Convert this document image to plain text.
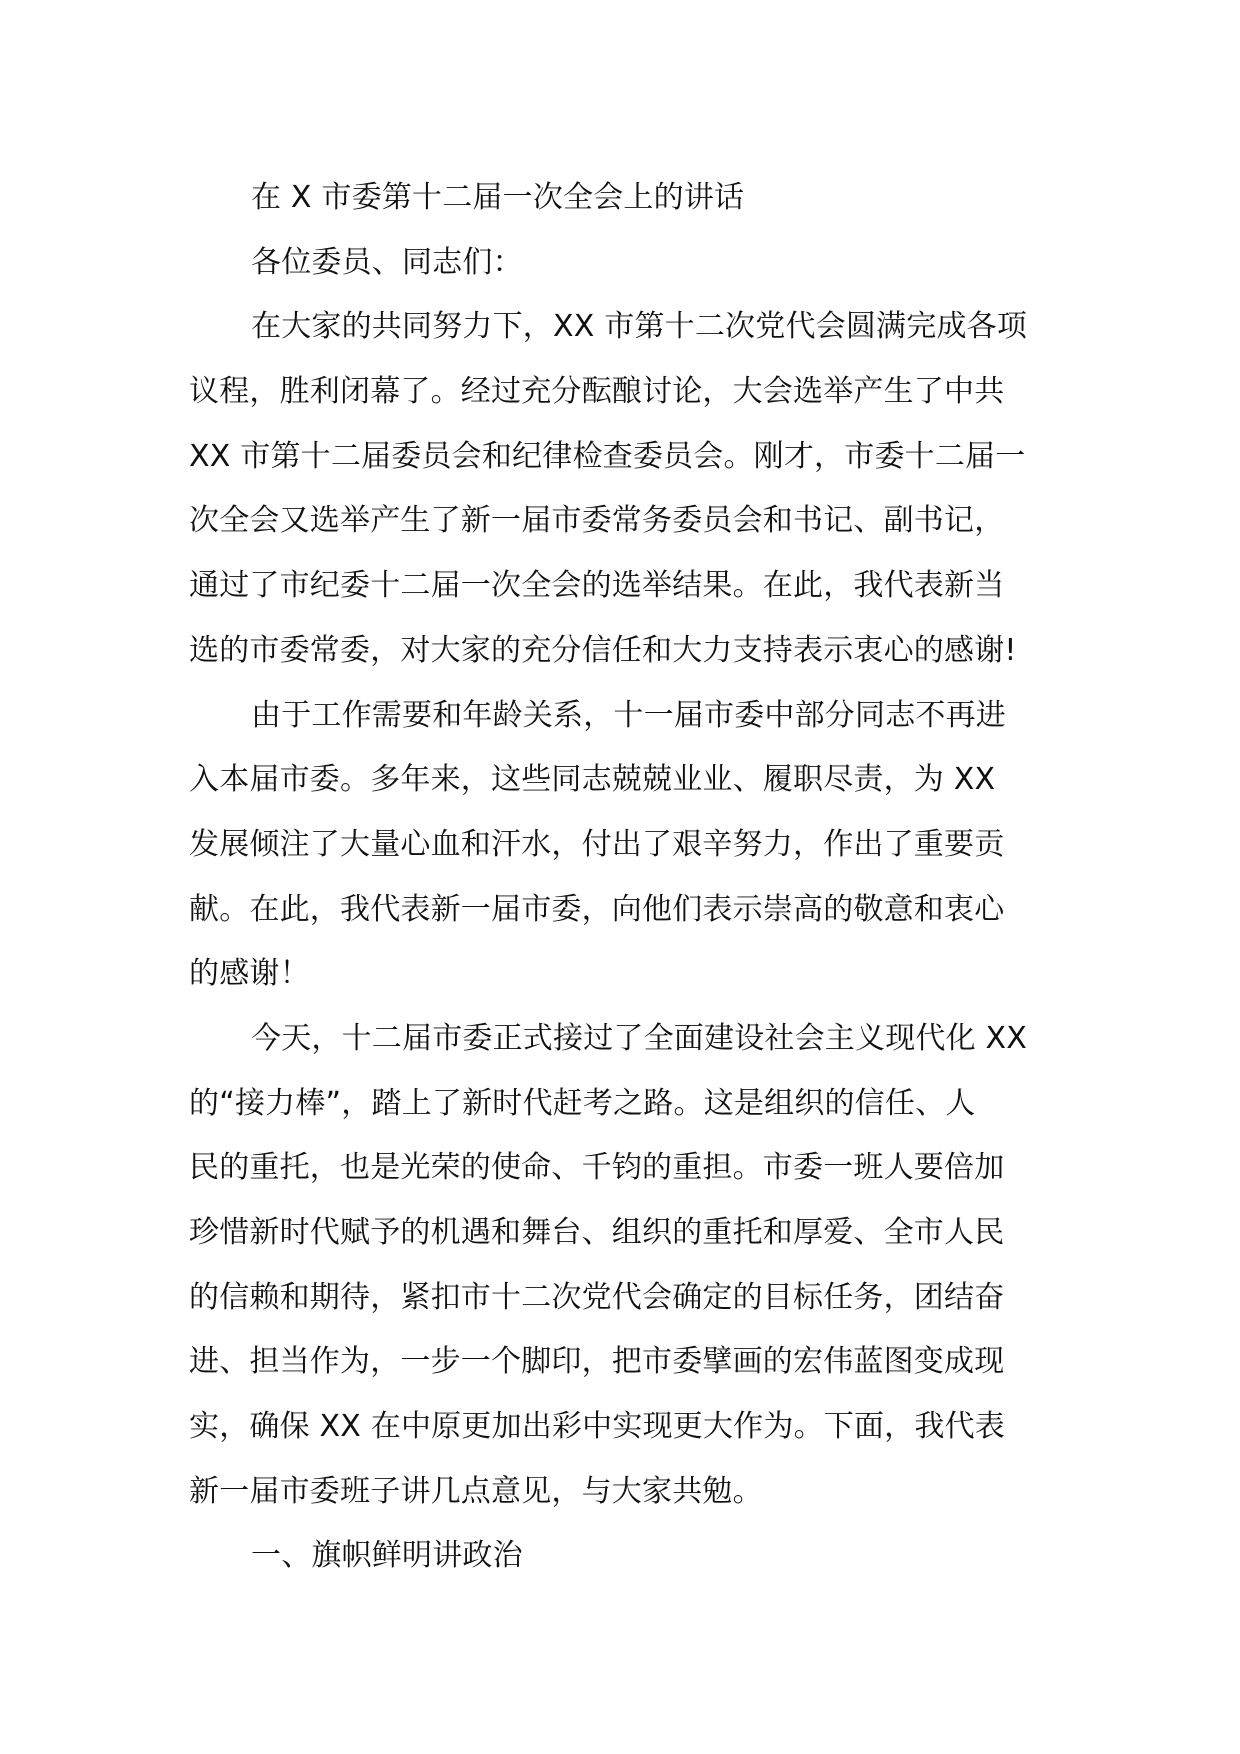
在 X 市委第十二届一次全会上的讲话
各位委员、同志们：
在大家的共同努力下，XX 市第十二次党代会圆满完成各项
议程，胜利闭幕了。经过充分酝酿讨论，大会选举产生了中共
XX 市第十二届委员会和纪律检查委员会。刚才，市委十二届一
次全会又选举产生了新一届市委常务委员会和书记、副书记，
通过了市纪委十二届一次全会的选举结果。在此，我代表新当
选的市委常委，对大家的充分信任和大力支持表示衷心的感谢!
由于工作需要和年龄关系，十一届市委中部分同志不再进
入本届市委。多年来，这些同志兢兢业业、履职尽责，为 XX
发展倾注了大量心血和汗水，付出了艰辛努力，作出了重要贡
献。在此，我代表新一届市委，向他们表示崇高的敬意和衷心
的感谢！
今天，十二届市委正式接过了全面建设社会主义现代化 XX
的“接力棒”，踏上了新时代赶考之路。这是组织的信任、人
民的重托，也是光荣的使命、千钧的重担。市委一班人要倍加
珍惜新时代赋予的机遇和舞台、组织的重托和厚爱、全市人民
的信赖和期待，紧扣市十二次党代会确定的目标任务，团结奋
进、担当作为，一步一个脚印，把市委擘画的宏伟蓝图变成现
实，确保 XX 在中原更加出彩中实现更大作为。下面，我代表
新一届市委班子讲几点意见，与大家共勉。
一、旗帜鲜明讲政治
